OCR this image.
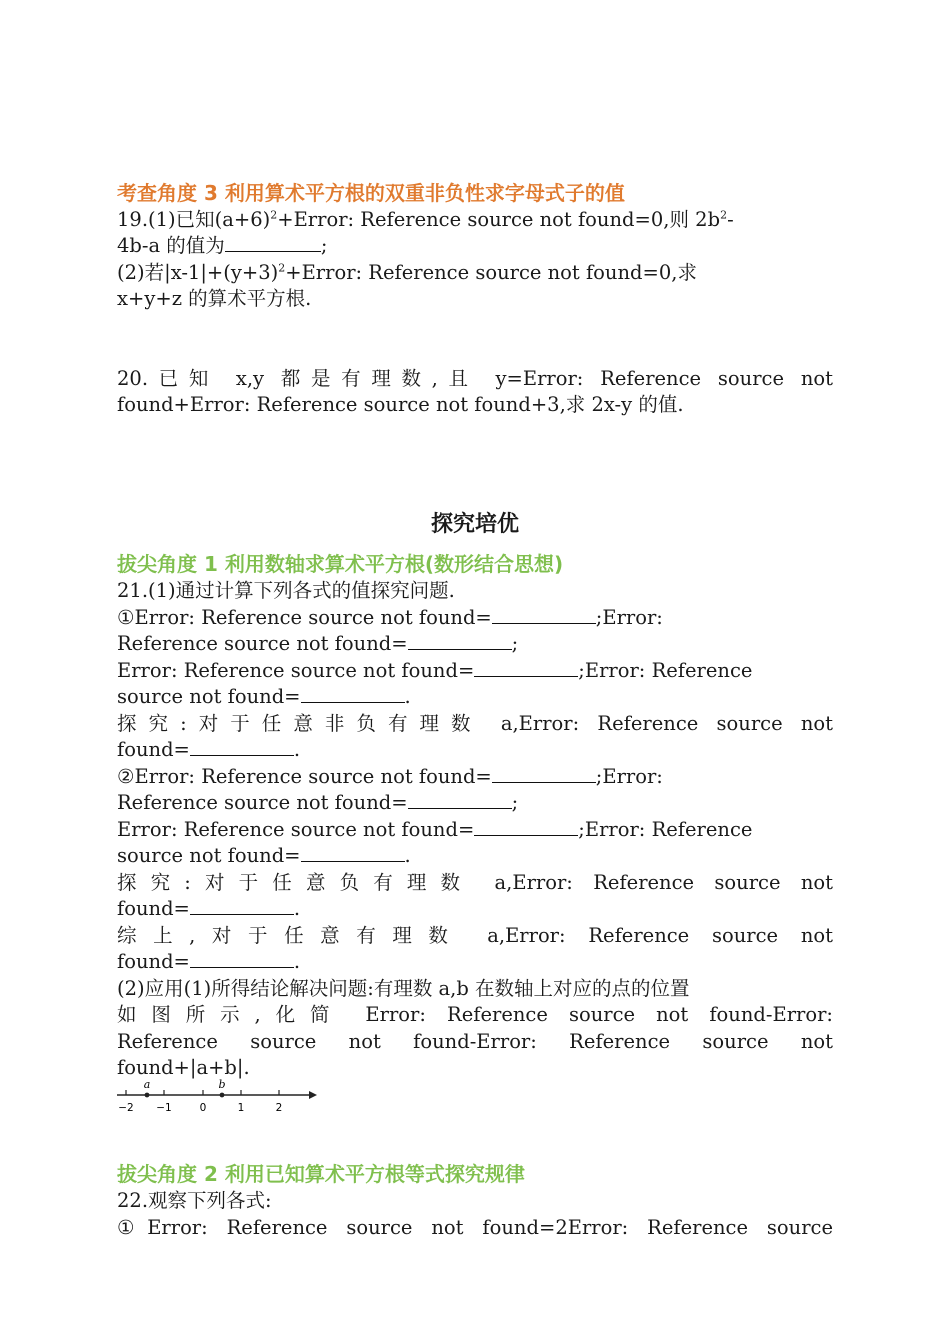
考查角度 3 利用算术平方根的双重非负性求字母式子的值
19.(1)已知$(a+6)^2+Error$: Reference source not found=0,则 $2b^2-$
4b-a 的值为	;
(2)若$|x-1|+(y+3)^2+Error$: Reference source not found=0,求
x+y+z 的算术平方根.
20.已知 x,y 都是有理数,且 y=Error: Reference source not
found+Error: Reference source not found+3,求 2x-y 的值.
探究培优
拔尖角度 1 利用数轴求算术平方根(数形结合思想)
21.(1)通过计算下列各式的值探究问题.
①Error: Reference source not found=	;Error:
Reference source not found=	;
Error: Reference source not found=	;Error: Reference
source not found=	.
探究:对于任意非负有理数 a,Error: Reference source not
found=	.
②Error: Reference source not found=	;Error:
Reference source not found=	;
Error: Reference source not found=	;Error: Reference
source not found=	.
探究:对于任意负有理数 a,Error: Reference source not
found=	.
综上,对于任意有理数 a,Error: Reference source not
found=	.
(2)应用(1)所得结论解决问题:有理数 a,b 在数轴上对应的点的位置
如图所示,化简 Error: Reference source not found-Error:
Reference source not found-Error: Reference source not
found+|a+b|.
a	b
−2 −1	0	1	2
拔尖角度 2 利用已知算术平方根等式探究规律
22.观察下列各式:
①Error: Reference source not found=2Error: Reference source
